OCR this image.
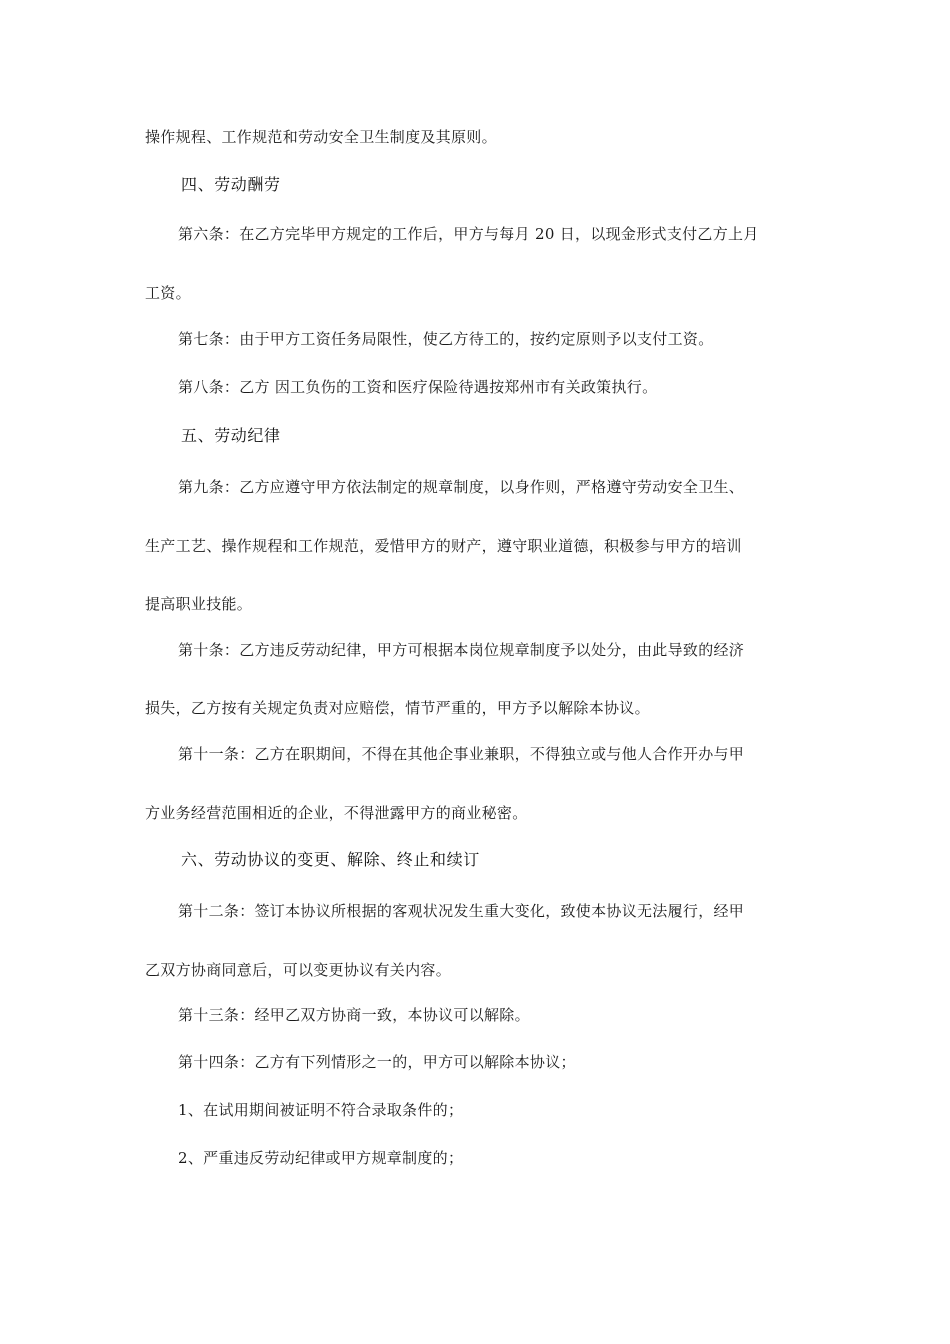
操作规程、工作规范和劳动安全卫生制度及其原则。
四、劳动酬劳
第六条：在乙方完毕甲方规定的工作后，甲方与每月 20 日，以现金形式支付乙方上月
工资。
第七条：由于甲方工资任务局限性，使乙方待工的，按约定原则予以支付工资。
第八条：乙方 因工负伤的工资和医疗保险待遇按郑州市有关政策执行。
五、劳动纪律
第九条：乙方应遵守甲方依法制定的规章制度，以身作则，严格遵守劳动安全卫生、
生产工艺、操作规程和工作规范，爱惜甲方的财产，遵守职业道德，积极参与甲方的培训
提高职业技能。
第十条：乙方违反劳动纪律，甲方可根据本岗位规章制度予以处分，由此导致的经济
损失，乙方按有关规定负责对应赔偿，情节严重的，甲方予以解除本协议。
第十一条：乙方在职期间，不得在其他企事业兼职，不得独立或与他人合作开办与甲
方业务经营范围相近的企业，不得泄露甲方的商业秘密。
六、劳动协议的变更、解除、终止和续订
第十二条：签订本协议所根据的客观状况发生重大变化，致使本协议无法履行，经甲
乙双方协商同意后，可以变更协议有关内容。
第十三条：经甲乙双方协商一致，本协议可以解除。
第十四条：乙方有下列情形之一的，甲方可以解除本协议；
1、在试用期间被证明不符合录取条件的；
2、严重违反劳动纪律或甲方规章制度的；
